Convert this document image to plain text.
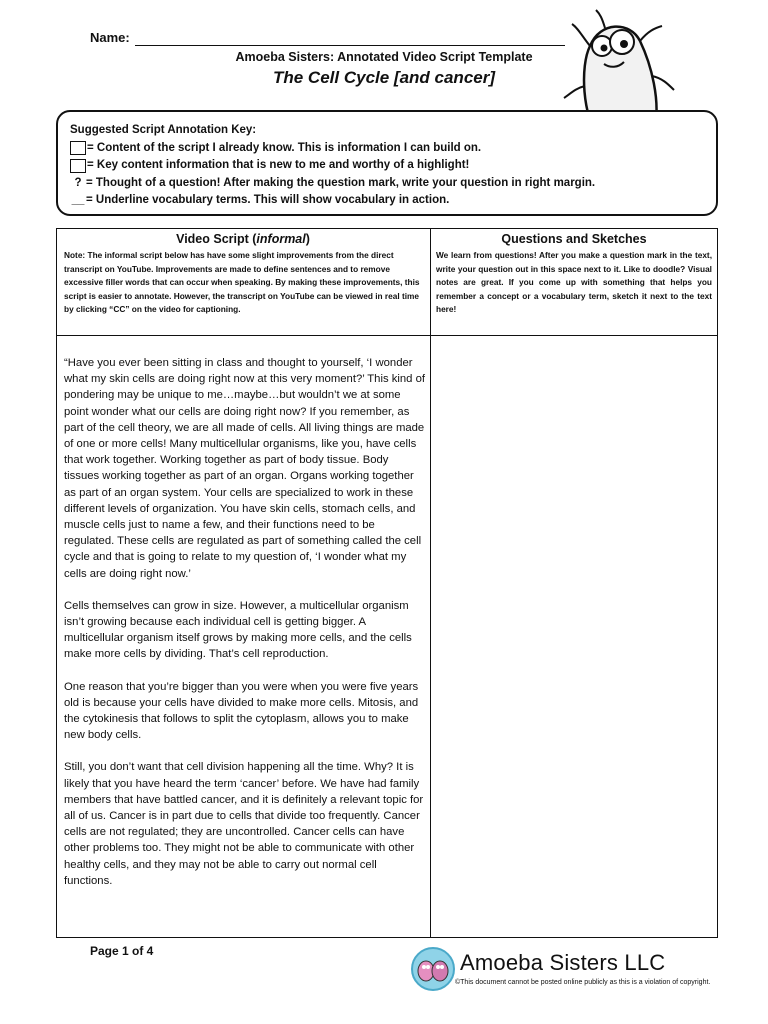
Name:
Amoeba Sisters: Annotated Video Script Template
The Cell Cycle [and cancer]
Suggested Script Annotation Key:
= Content of the script I already know. This is information I can build on.
= Key content information that is new to me and worthy of a highlight!
? = Thought of a question! After making the question mark, write your question in right margin.
__ = Underline vocabulary terms. This will show vocabulary in action.
Video Script (informal)	Questions and Sketches
Note: The informal script below has have some slight improvements from the direct transcript on YouTube. Improvements are made to define sentences and to remove excessive filler words that can occur when speaking. By making these improvements, this script is easier to annotate. However, the transcript on YouTube can be viewed in real time by clicking “CC” on the video for captioning.
We learn from questions! After you make a question mark in the text, write your question out in this space next to it. Like to doodle? Visual notes are great. If you come up with something that helps you remember a concept or a vocabulary term, sketch it next to the text here!

“Have you ever been sitting in class and thought to yourself, ‘I wonder what my skin cells are doing right now at this very moment?’ This kind of pondering may be unique to me…maybe…but wouldn’t we at some point wonder what our cells are doing right now? If you remember, as part of the cell theory, we are all made of cells. All living things are made of one or more cells! Many multicellular organisms, like you, have cells that work together. Working together as part of body tissue. Body tissues working together as part of an organ. Organs working together as part of an organ system. Your cells are specialized to work in these different levels of organization. You have skin cells, stomach cells, and muscle cells just to name a few, and their functions need to be regulated. These cells are regulated as part of something called the cell cycle and that is going to relate to my question of, ‘I wonder what my cells are doing right now.’

Cells themselves can grow in size. However, a multicellular organism isn’t growing because each individual cell is getting bigger. A multicellular organism itself grows by making more cells, and the cells make more cells by dividing. That’s cell reproduction.

One reason that you’re bigger than you were when you were five years old is because your cells have divided to make more cells. Mitosis, and the cytokinesis that follows to split the cytoplasm, allows you to make new body cells.

Still, you don’t want that cell division happening all the time. Why? It is likely that you have heard the term ‘cancer’ before. We have had family members that have battled cancer, and it is definitely a relevant topic for all of us. Cancer is in part due to cells that divide too frequently. Cancer cells are not regulated; they are uncontrolled. Cancer cells can have other problems too. They might not be able to communicate with other healthy cells, and they may not be able to carry out normal cell functions.

Page 1 of 4	Amoeba Sisters LLC
©This document cannot be posted online publicly as this is a violation of copyright.
